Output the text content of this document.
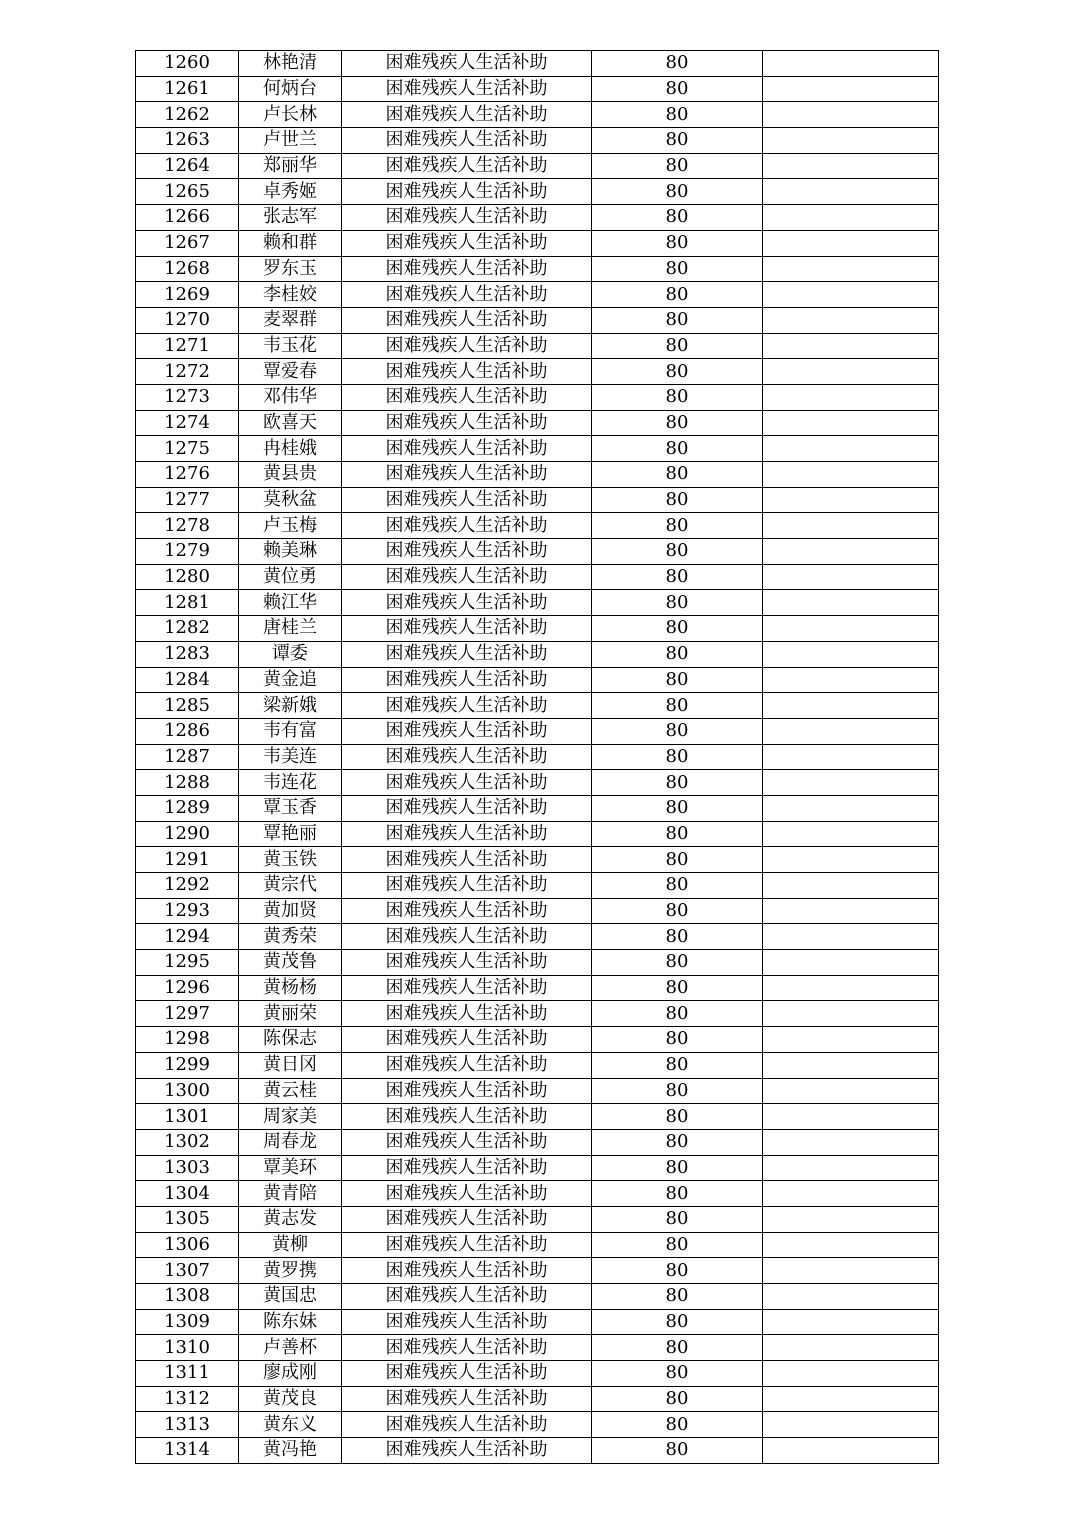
1260	林艳清	困难残疾人生活补助	80	
1261	何炳台	困难残疾人生活补助	80	
1262	卢长林	困难残疾人生活补助	80	
1263	卢世兰	困难残疾人生活补助	80	
1264	郑丽华	困难残疾人生活补助	80	
1265	卓秀姬	困难残疾人生活补助	80	
1266	张志军	困难残疾人生活补助	80	
1267	赖和群	困难残疾人生活补助	80	
1268	罗东玉	困难残疾人生活补助	80	
1269	李桂姣	困难残疾人生活补助	80	
1270	麦翠群	困难残疾人生活补助	80	
1271	韦玉花	困难残疾人生活补助	80	
1272	覃爱春	困难残疾人生活补助	80	
1273	邓伟华	困难残疾人生活补助	80	
1274	欧喜天	困难残疾人生活补助	80	
1275	冉桂娥	困难残疾人生活补助	80	
1276	黄县贵	困难残疾人生活补助	80	
1277	莫秋盆	困难残疾人生活补助	80	
1278	卢玉梅	困难残疾人生活补助	80	
1279	赖美琳	困难残疾人生活补助	80	
1280	黄位勇	困难残疾人生活补助	80	
1281	赖江华	困难残疾人生活补助	80	
1282	唐桂兰	困难残疾人生活补助	80	
1283	谭委	困难残疾人生活补助	80	
1284	黄金追	困难残疾人生活补助	80	
1285	梁新娥	困难残疾人生活补助	80	
1286	韦有富	困难残疾人生活补助	80	
1287	韦美连	困难残疾人生活补助	80	
1288	韦连花	困难残疾人生活补助	80	
1289	覃玉香	困难残疾人生活补助	80	
1290	覃艳丽	困难残疾人生活补助	80	
1291	黄玉铁	困难残疾人生活补助	80	
1292	黄宗代	困难残疾人生活补助	80	
1293	黄加贤	困难残疾人生活补助	80	
1294	黄秀荣	困难残疾人生活补助	80	
1295	黄茂鲁	困难残疾人生活补助	80	
1296	黄杨杨	困难残疾人生活补助	80	
1297	黄丽荣	困难残疾人生活补助	80	
1298	陈保志	困难残疾人生活补助	80	
1299	黄日冈	困难残疾人生活补助	80	
1300	黄云桂	困难残疾人生活补助	80	
1301	周家美	困难残疾人生活补助	80	
1302	周春龙	困难残疾人生活补助	80	
1303	覃美环	困难残疾人生活补助	80	
1304	黄青陪	困难残疾人生活补助	80	
1305	黄志发	困难残疾人生活补助	80	
1306	黄柳	困难残疾人生活补助	80	
1307	黄罗携	困难残疾人生活补助	80	
1308	黄国忠	困难残疾人生活补助	80	
1309	陈东妹	困难残疾人生活补助	80	
1310	卢善杯	困难残疾人生活补助	80	
1311	廖成刚	困难残疾人生活补助	80	
1312	黄茂良	困难残疾人生活补助	80	
1313	黄东义	困难残疾人生活补助	80	
1314	黄冯艳	困难残疾人生活补助	80	
